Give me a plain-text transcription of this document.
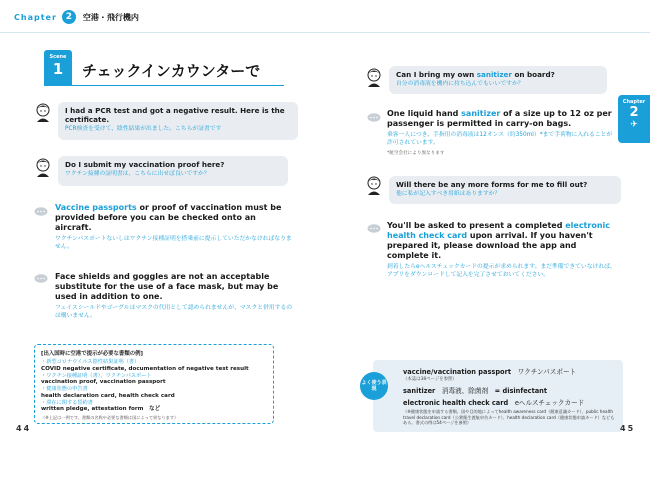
Chapter 2	空港・飛行機内
Scene
1	チェックインカウンターで
I had a PCR test and got a negative result. Here is the certificate.
PCR検査を受けて、陰性結果が出ました。こちらが証書です
Do I submit my vaccination proof here?
ワクチン接種の証明書は、こちらに出せば良いですか？
Vaccine passports or proof of vaccination must be provided before you can be checked onto an aircraft.
ワクチンパスポートないしはワクチン接種証明を搭乗前に提示していただかなければなりません。
Face shields and goggles are not an acceptable substitute for the use of a face mask, but may be used in addition to one.
フェイスシールドやゴーグルはマスクの代用として認められませんが、マスクと併用するのは構いません。
[出入国時に空港で提示が必要な書類の例]
・新型コロナウイルス陰性結果証明（書）
COVID negative certificate, documentation of negative test result
・ワクチン接種証明（書）、ワクチンパスポート
vaccination proof, vaccination passport
・健康状態の申告書
health declaration card, health check card
・滞在に関する誓約書
written pledge, attestation form　など
（※上記は一例です。書類の名称や必要な書類は国によって異なります）
44
Can I bring my own sanitizer on board?
自分の消毒液を機内に持ち込んでもいいですか？
One liquid hand sanitizer of a size up to 12 oz per passenger is permitted in carry-on bags.
乗客一人につき、手指用の消毒液は12オンス（約350ml）*まで手荷物に入れることが許可されています。
*航空会社により異なります
Will there be any more forms for me to fill out?
他に私が記入すべき用紙はありますか？
You'll be asked to present a completed electronic health check card upon arrival. If you haven't prepared it, please download the app and complete it.
到着したらeヘルスチェックカードの提示が求められます。まだ準備できていなければ、アプリをダウンロードして記入を完了させておいてください。
vaccine/vaccination passport　 ワクチンパスポート
（本誌は38ページを参照）
sanitizer　 消毒液、除菌剤　 = disinfectant
electronic health check card　 eヘルスチェックカード
（※健康状態を申請する書類。国や目的地によってhealth awareness card（健康意識カード）、public health travel declaration card（公衆衛生渡航申告カード）、health declaration card（健康状態申請カード）などもある。書式の例は54ページを参照）
よく使う表現
Chapter
2
✈
45
